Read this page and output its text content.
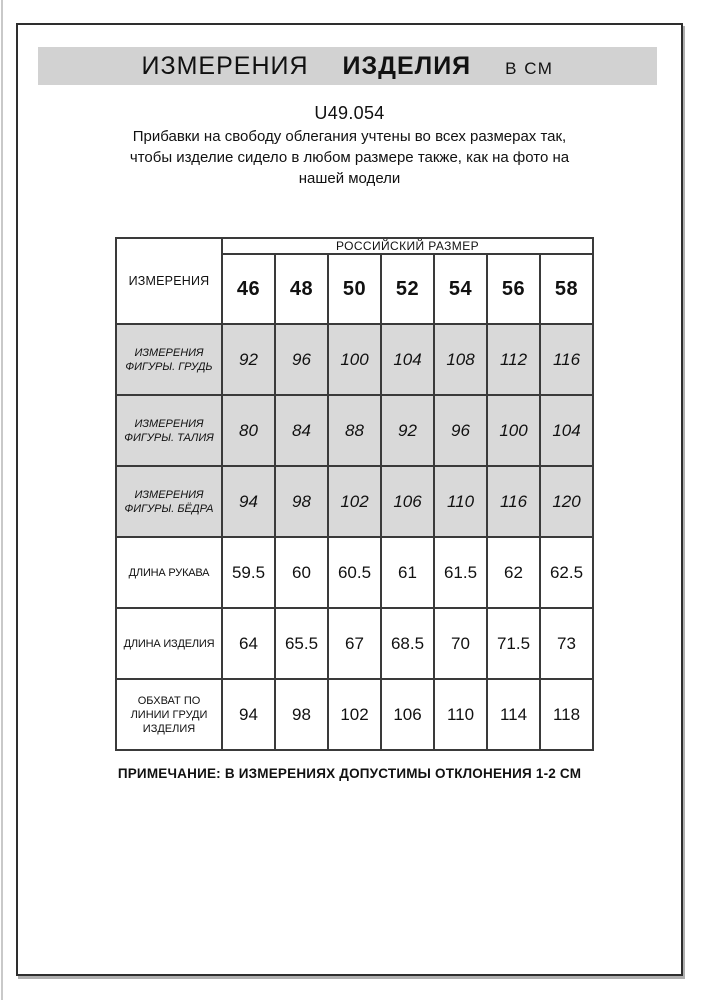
ИЗМЕРЕНИЯ ИЗДЕЛИЯ В СМ
U49.054
Прибавки на свободу облегания учтены во всех размерах так,
чтобы изделие сидело в любом размере также, как на фото на
нашей модели
ИЗМЕРЕНИЯ	РОССИЙСКИЙ РАЗМЕР						
	46	48	50	52	54	56	58
ИЗМЕРЕНИЯ ФИГУРЫ. ГРУДЬ	92	96	100	104	108	112	116
ИЗМЕРЕНИЯ ФИГУРЫ. ТАЛИЯ	80	84	88	92	96	100	104
ИЗМЕРЕНИЯ ФИГУРЫ. БЁДРА	94	98	102	106	110	116	120
ДЛИНА РУКАВА	59.5	60	60.5	61	61.5	62	62.5
ДЛИНА ИЗДЕЛИЯ	64	65.5	67	68.5	70	71.5	73
ОБХВАТ ПО ЛИНИИ ГРУДИ ИЗДЕЛИЯ	94	98	102	106	110	114	118
ПРИМЕЧАНИЕ: В ИЗМЕРЕНИЯХ ДОПУСТИМЫ ОТКЛОНЕНИЯ 1-2 СМ
